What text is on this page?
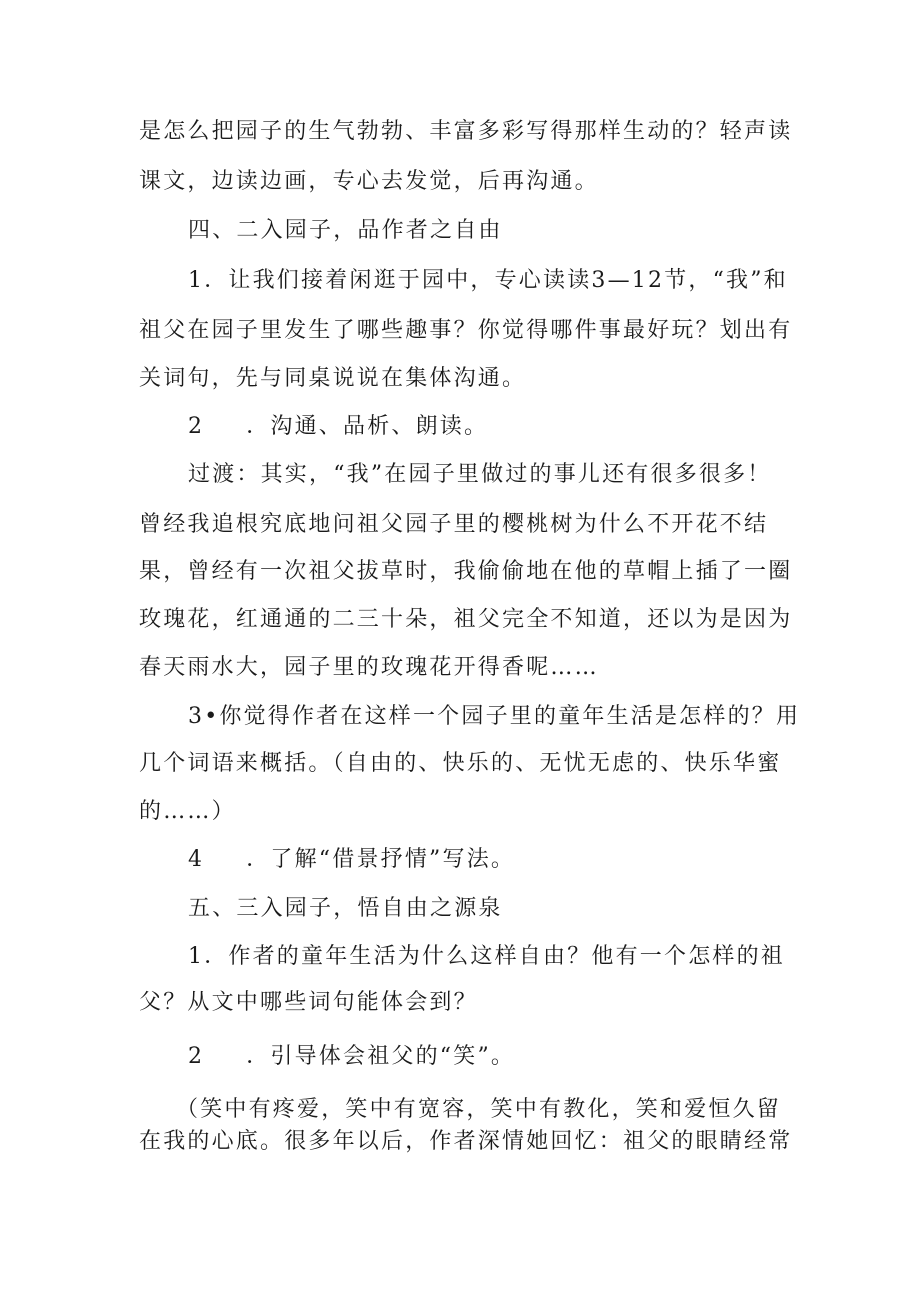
是怎么把园子的生气勃勃、丰富多彩写得那样生动的？轻声读
课文，边读边画，专心去发觉，后再沟通。
四、二入园子，品作者之自由
1．让我们接着闲逛于园中，专心读读3—12节，“我”和
祖父在园子里发生了哪些趣事？你觉得哪件事最好玩？划出有
关词句，先与同桌说说在集体沟通。
2 ．沟通、品析、朗读。
过渡：其实，“我”在园子里做过的事儿还有很多很多！
曾经我追根究底地问祖父园子里的樱桃树为什么不开花不结
果，曾经有一次祖父拔草时，我偷偷地在他的草帽上插了一圈
玫瑰花，红通通的二三十朵，祖父完全不知道，还以为是因为
春天雨水大，园子里的玫瑰花开得香呢……
3•你觉得作者在这样一个园子里的童年生活是怎样的？用
几个词语来概括。（自由的、快乐的、无忧无虑的、快乐华蜜
的……）
4 ．了解“借景抒情”写法。
五、三入园子，悟自由之源泉
1．作者的童年生活为什么这样自由？他有一个怎样的祖
父？从文中哪些词句能体会到？
2 ．引导体会祖父的“笑”。
（笑中有疼爱，笑中有宽容，笑中有教化，笑和爱恒久留
在我的心底。很多年以后，作者深情她回忆：祖父的眼睛经常
